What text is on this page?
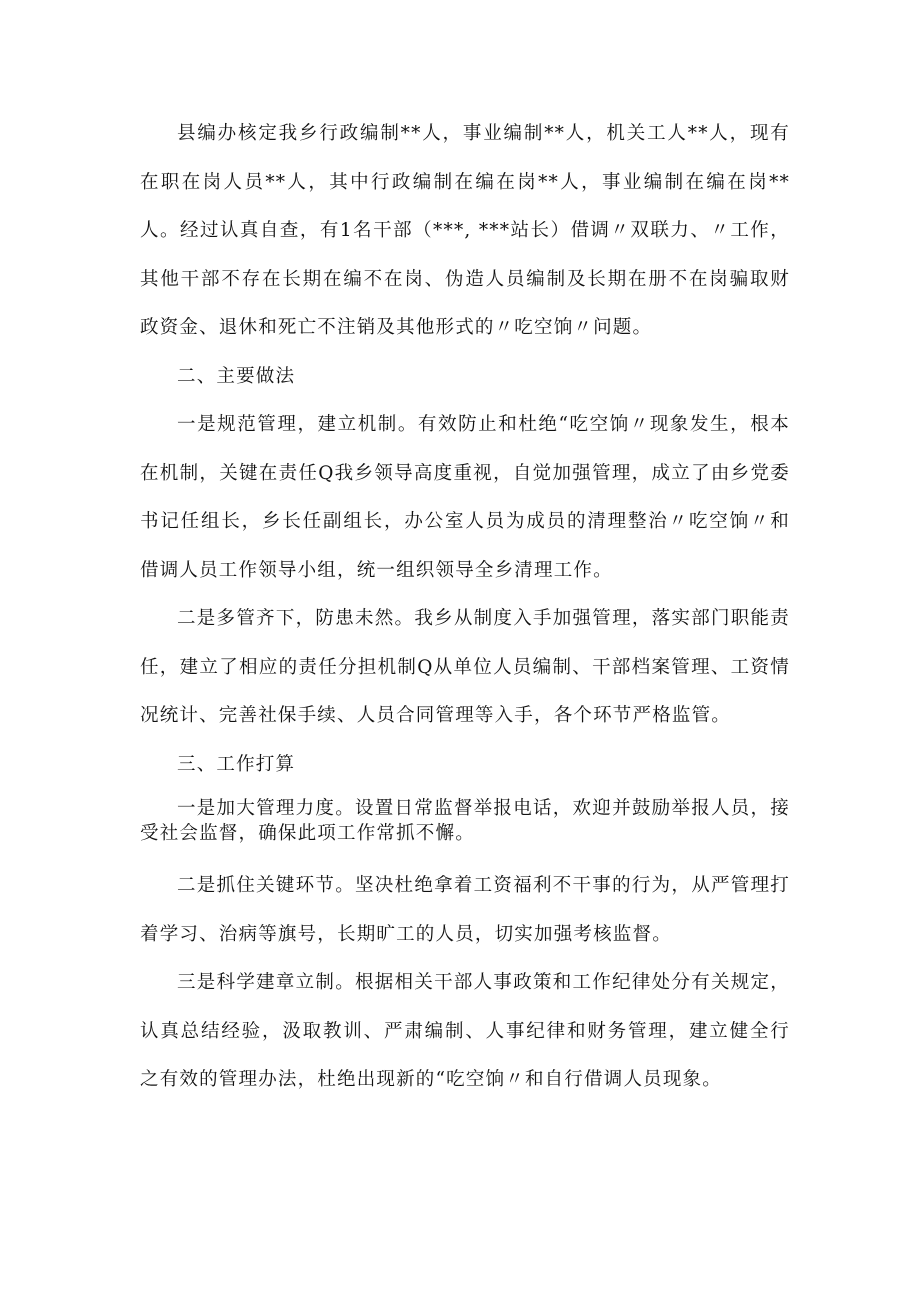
县编办核定我乡行政编制**人，事业编制**人，机关工人**人，现有在职在岗人员**人，其中行政编制在编在岗**人，事业编制在编在岗**人。经过认真自查，有1名干部（***, ***站长）借调〃双联力、〃工作，其他干部不存在长期在编不在岗、伪造人员编制及长期在册不在岗骗取财政资金、退休和死亡不注销及其他形式的〃吃空饷〃问题。

二、主要做法

一是规范管理，建立机制。有效防止和杜绝“吃空饷〃现象发生，根本在机制，关键在责任Q我乡领导高度重视，自觉加强管理，成立了由乡党委书记任组长，乡长任副组长，办公室人员为成员的清理整治〃吃空饷〃和借调人员工作领导小组，统一组织领导全乡清理工作。

二是多管齐下，防患未然。我乡从制度入手加强管理，落实部门职能责任，建立了相应的责任分担机制Q从单位人员编制、干部档案管理、工资情况统计、完善社保手续、人员合同管理等入手，各个环节严格监管。

三、工作打算

一是加大管理力度。设置日常监督举报电话，欢迎并鼓励举报人员，接受社会监督，确保此项工作常抓不懈。

二是抓住关键环节。坚决杜绝拿着工资福利不干事的行为，从严管理打着学习、治病等旗号，长期旷工的人员，切实加强考核监督。

三是科学建章立制。根据相关干部人事政策和工作纪律处分有关规定，认真总结经验，汲取教训、严肃编制、人事纪律和财务管理，建立健全行之有效的管理办法，杜绝出现新的“吃空饷〃和自行借调人员现象。
